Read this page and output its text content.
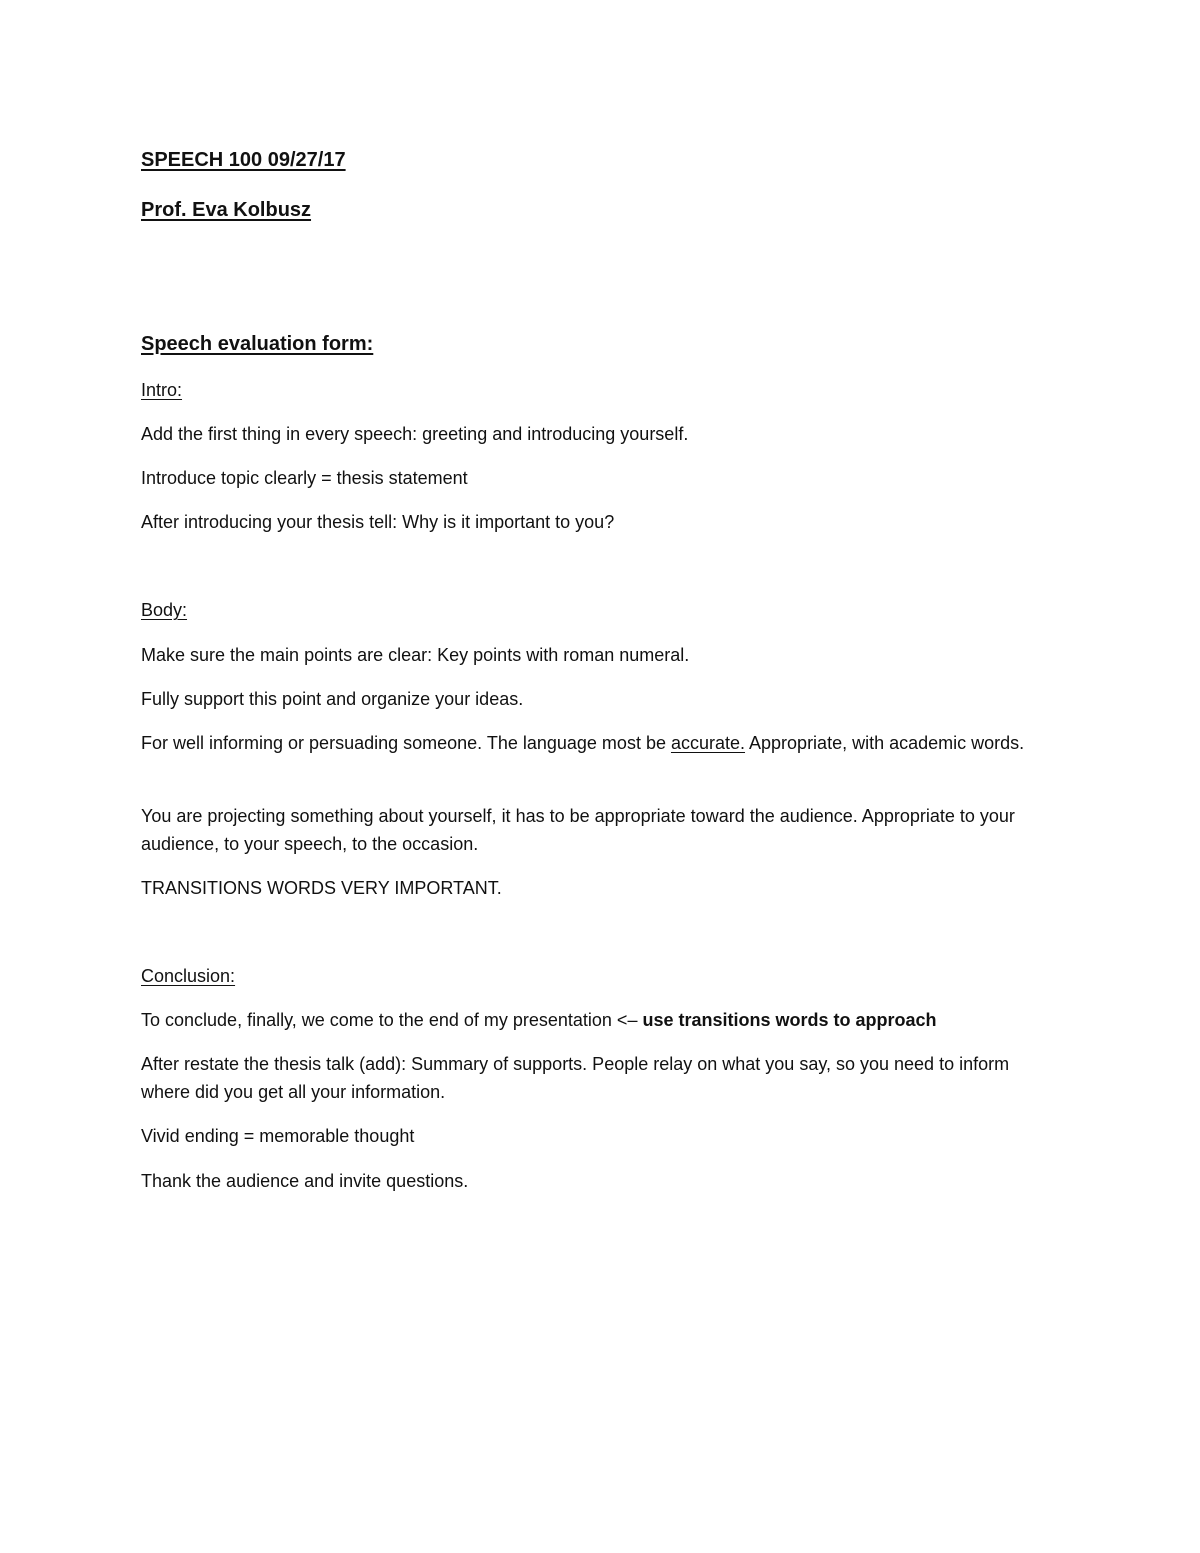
SPEECH 100 09/27/17
Prof. Eva Kolbusz
Speech evaluation form:
Intro:
Add the first thing in every speech: greeting and introducing yourself.
Introduce topic clearly = thesis statement
After introducing your thesis tell: Why is it important to you?
Body:
Make sure the main points are clear: Key points with roman numeral.
Fully support this point and organize your ideas.
For well informing or persuading someone. The language most be accurate. Appropriate, with academic words.
You are projecting something about yourself, it has to be appropriate toward the audience. Appropriate to your audience, to your speech, to the occasion.
TRANSITIONS WORDS VERY IMPORTANT.
Conclusion:
To conclude, finally, we come to the end of my presentation <– use transitions words to approach
After restate the thesis talk (add): Summary of supports. People relay on what you say, so you need to inform where did you get all your information.
Vivid ending = memorable thought
Thank the audience and invite questions.
